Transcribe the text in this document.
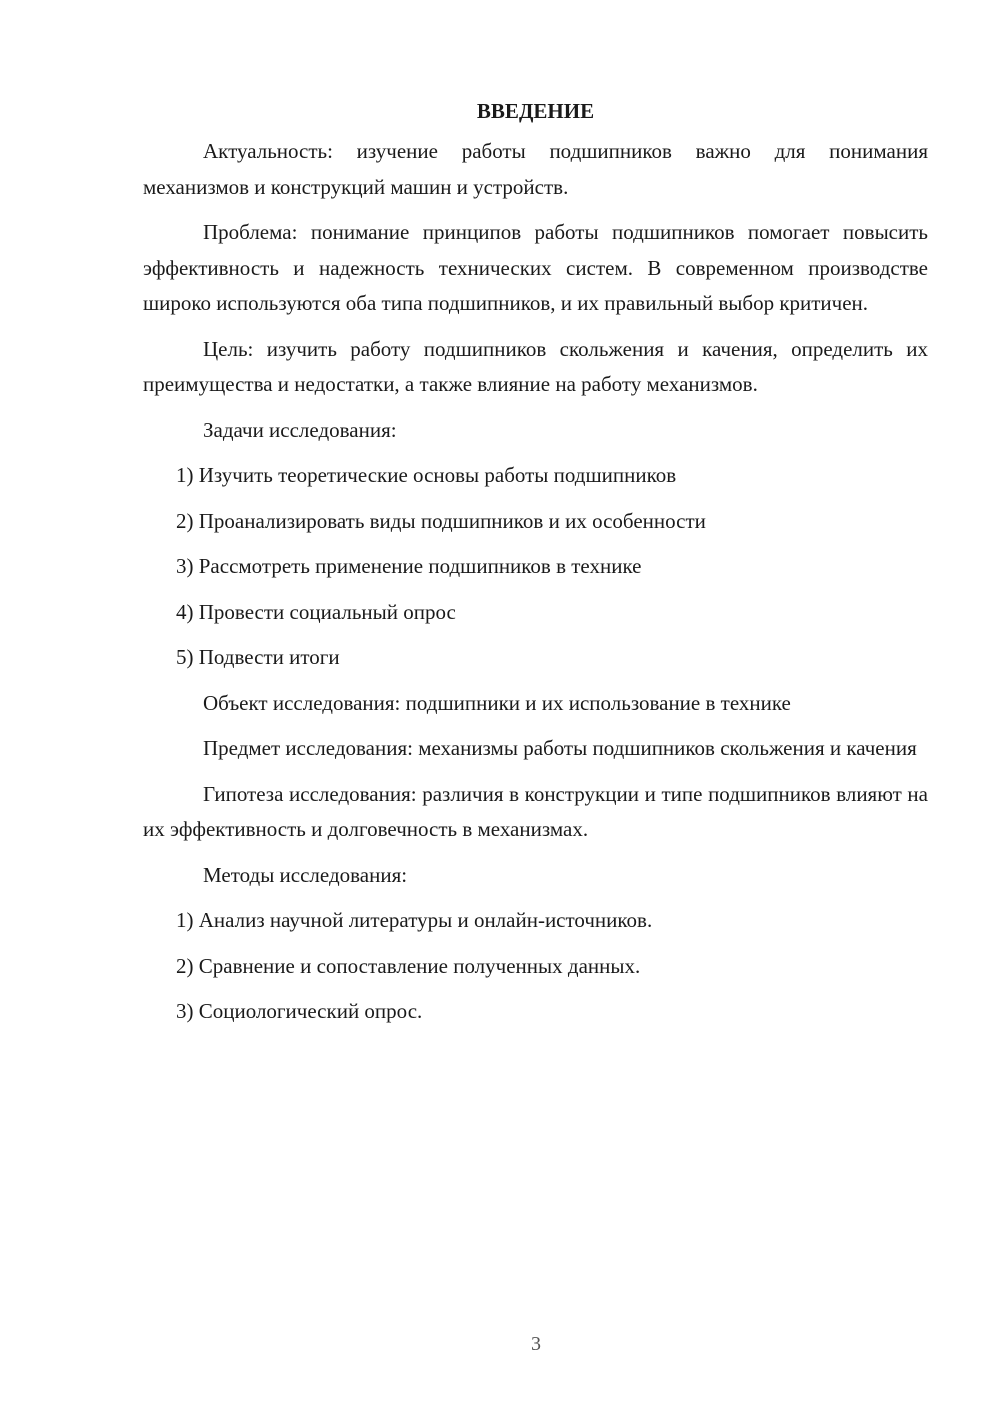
ВВЕДЕНИЕ

Актуальность: изучение работы подшипников важно для понимания механизмов и конструкций машин и устройств.

Проблема: понимание принципов работы подшипников помогает повысить эффективность и надежность технических систем. В современном производстве широко используются оба типа подшипников, и их правильный выбор критичен.

Цель: изучить работу подшипников скольжения и качения, определить их преимущества и недостатки, а также влияние на работу механизмов.

Задачи исследования:

1) Изучить теоретические основы работы подшипников
2) Проанализировать виды подшипников и их особенности
3) Рассмотреть применение подшипников в технике
4) Провести социальный опрос
5) Подвести итоги

Объект исследования: подшипники и их использование в технике

Предмет исследования: механизмы работы подшипников скольжения и качения

Гипотеза исследования: различия в конструкции и типе подшипников влияют на их эффективность и долговечность в механизмах.

Методы исследования:

1) Анализ научной литературы и онлайн-источников.
2) Сравнение и сопоставление полученных данных.
3) Социологический опрос.
3
